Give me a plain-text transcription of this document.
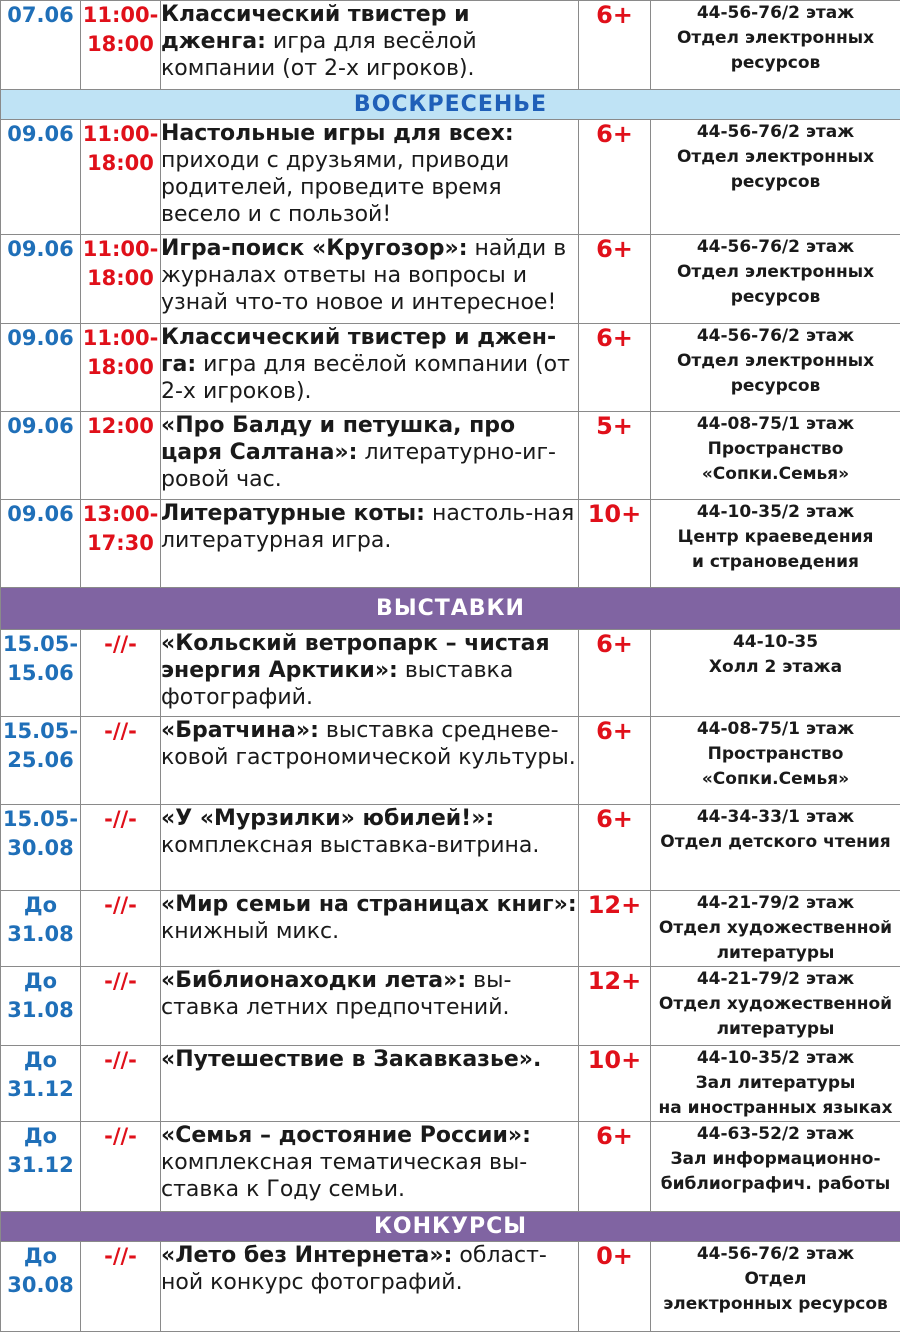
07.06	11:00-18:00	Классический твистер и дженга: игра для весёлой компании (от 2-х игроков).	6+	44-56-76/2 этаж
Отдел электронных
ресурсов

ВОСКРЕСЕНЬЕ				
09.06	11:00-18:00	Настольные игры для всех: приходи с друзьями, приводи родителей, проведите время весело и с пользой!	6+	44-56-76/2 этаж
Отдел электронных
ресурсов

09.06	11:00-18:00	Игра-поиск «Кругозор»: найди в журналах ответы на вопросы и узнай что-то новое и интересное!	6+	44-56-76/2 этаж
Отдел электронных
ресурсов

09.06	11:00-18:00	Классический твистер и джен-га: игра для весёлой компании (от 2-х игроков).	6+	44-56-76/2 этаж
Отдел электронных
ресурсов

09.06	12:00	«Про Балду и петушка, про царя Салтана»: литературно-иг-ровой час.	5+	44-08-75/1 этаж
Пространство
«Сопки.Семья»

09.06	13:00-17:30	Литературные коты: настоль-ная литературная игра.	10+	44-10-35/2 этаж
Центр краеведения
и страноведения

ВЫСТАВКИ				
15.05-15.06	-//-	«Кольский ветропарк – чистая энергия Арктики»: выставка фотографий.	6+	44-10-35
Холл 2 этажа

15.05-25.06	-//-	«Братчина»: выставка средневе-ковой гастрономической культуры.	6+	44-08-75/1 этаж
Пространство
«Сопки.Семья»

15.05-30.08	-//-	«У «Мурзилки» юбилей!»: комплексная выставка-витрина.	6+	44-34-33/1 этаж
Отдел детского чтения

До 31.08	-//-	«Мир семьи на страницах книг»: книжный микс.	12+	44-21-79/2 этаж
Отдел художественной
литературы

До 31.08	-//-	«Библионаходки лета»: вы-ставка летних предпочтений.	12+	44-21-79/2 этаж
Отдел художественной
литературы

До 31.12	-//-	«Путешествие в Закавказье».	10+	44-10-35/2 этаж
Зал литературы
на иностранных языках

До 31.12	-//-	«Семья – достояние России»: комплексная тематическая вы-ставка к Году семьи.	6+	44-63-52/2 этаж
Зал информационно-
библиографич. работы

КОНКУРСЫ				
До 30.08	-//-	«Лето без Интернета»: област-ной конкурс фотографий.	0+	44-56-76/2 этаж
Отдел
электронных ресурсов
